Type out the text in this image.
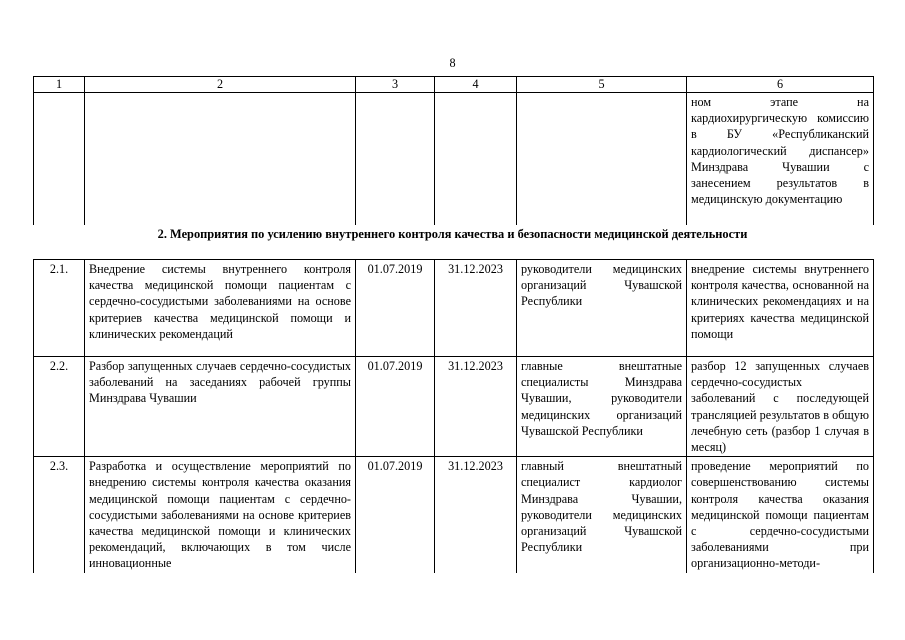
8
1	2	3	4	5	6
					ном этапе на кардиохирургическую комиссию в БУ «Республиканский кардиологический диспансер» Минздрава Чувашии с занесением результатов в медицинскую документацию
2. Мероприятия по усилению внутреннего контроля качества и безопасности медицинской деятельности
2.1.	Внедрение системы внутреннего контроля качества медицинской помощи пациентам с сердечно-сосудистыми заболеваниями на основе критериев качества медицинской помощи и клинических рекомендаций	01.07.2019	31.12.2023	руководители медицинских организаций Чувашской Республики	внедрение системы внутреннего контроля качества, основанной на клинических рекомендациях и на критериях качества медицинской помощи
2.2.	Разбор запущенных случаев сердечно-сосудистых заболеваний на заседаниях рабочей группы Минздрава Чувашии	01.07.2019	31.12.2023	главные внештатные специалисты Минздрава Чувашии, руководители медицинских организаций Чувашской Республики	разбор 12 запущенных случаев сердечно-сосудистых заболеваний с последующей трансляцией результатов в общую лечебную сеть (разбор 1 случая в месяц)
2.3.	Разработка и осуществление мероприятий по внедрению системы контроля качества оказания медицинской помощи пациентам с сердечно-сосудистыми заболеваниями на основе критериев качества медицинской помощи и клинических рекомендаций, включающих в том числе инновационные	01.07.2019	31.12.2023	главный внештатный специалист кардиолог Минздрава Чувашии, руководители медицинских организаций Чувашской Республики	проведение мероприятий по совершенствованию системы контроля качества оказания медицинской помощи пациентам с сердечно-сосудистыми заболеваниями при организационно-методи-
